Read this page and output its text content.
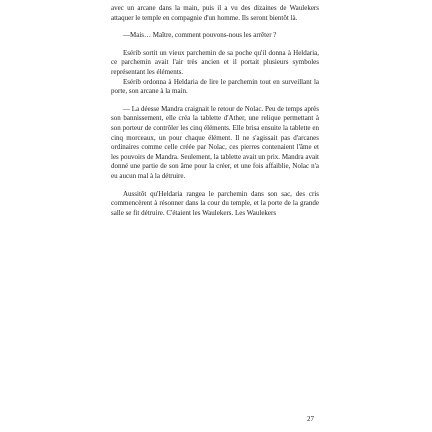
avec un arcane dans la main, puis il a vu des dizaines de Waulekers attaquer le temple en compagnie d'un homme. Ils seront bientôt là.

—Mais… Maître, comment pouvons-nous les arrêter ?

Esérib sortit un vieux parchemin de sa poche qu'il donna à Heldaria, ce parchemin avait l'air très ancien et il portait plusieurs symboles représentant les éléments.

Esérib ordonna à Heldaria de lire le parchemin tout en surveillant la porte, son arcane à la main.

— La déesse Mandra craignait le retour de Nolac. Peu de temps après son bannissement, elle créa la tablette d'Ather, une relique permettant à son porteur de contrôler les cinq éléments. Elle brisa ensuite la tablette en cinq morceaux, un pour chaque élément. Il ne s'agissait pas d'arcanes ordinaires comme celle créée par Nolac, ces pierres contenaient l'âme et les pouvoirs de Mandra. Seulement, la tablette avait un prix. Mandra avait donné une partie de son âme pour la créer, et une fois affaiblie, Nolac n'a eu aucun mal à la détruire.

Aussitôt qu'Heldaria rangea le parchemin dans son sac, des cris commencèrent à résonner dans la cour du temple, et la porte de la grande salle se fit détruire. C'étaient les Waulekers. Les Waulekers

27
